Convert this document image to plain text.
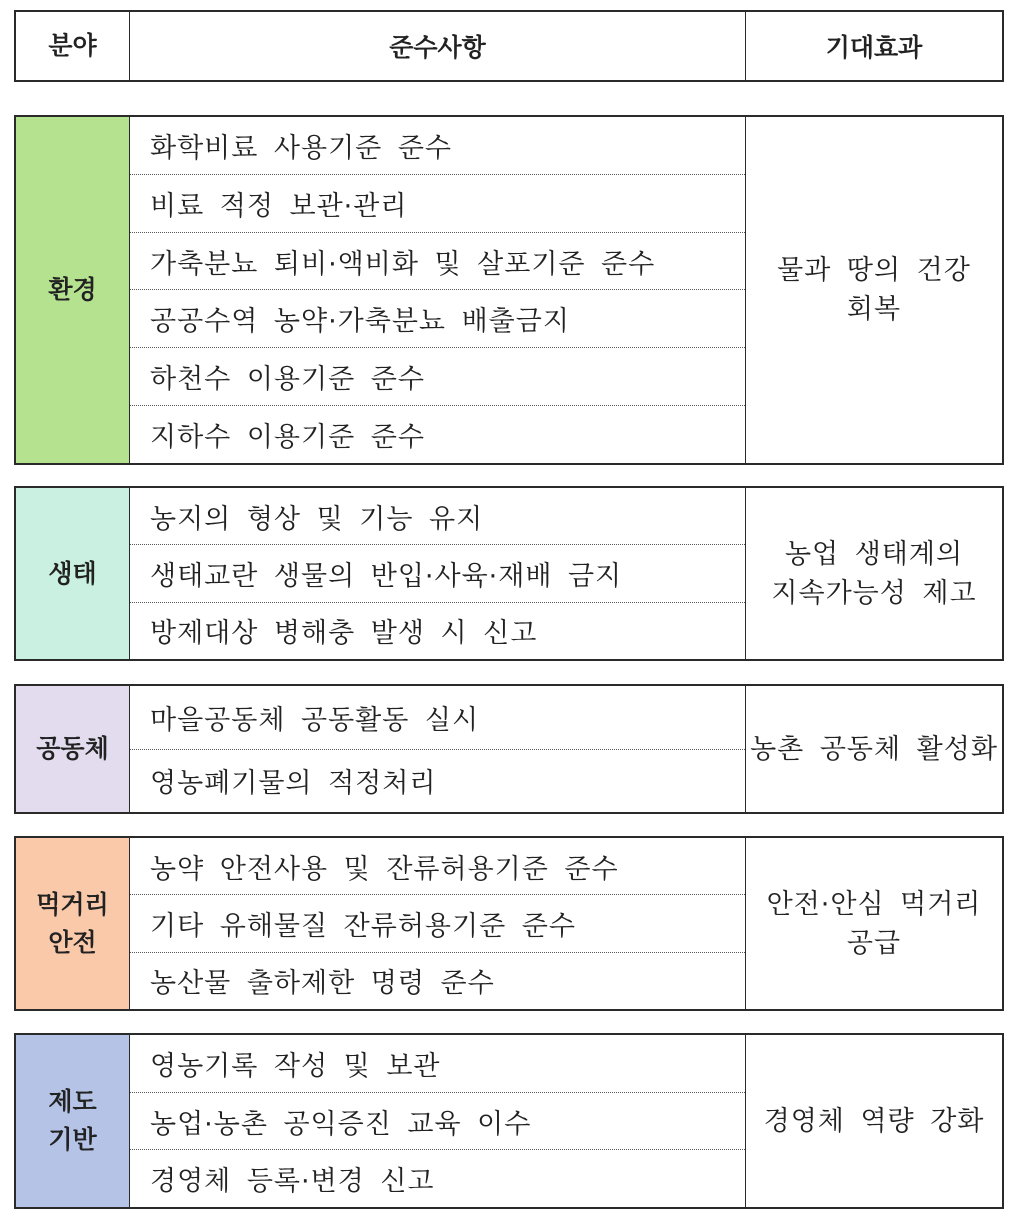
분야	준수사항	기대효과
환경
화학비료 사용기준 준수
비료 적정 보관·관리
가축분뇨 퇴비·액비화 및 살포기준 준수
공공수역 농약·가축분뇨 배출금지
하천수 이용기준 준수
지하수 이용기준 준수
물과 땅의 건강
회복
생태
농지의 형상 및 기능 유지
생태교란 생물의 반입·사육·재배 금지
방제대상 병해충 발생 시 신고
농업 생태계의
지속가능성 제고
공동체
마을공동체 공동활동 실시
영농폐기물의 적정처리
농촌 공동체 활성화
먹거리
안전
농약 안전사용 및 잔류허용기준 준수
기타 유해물질 잔류허용기준 준수
농산물 출하제한 명령 준수
안전·안심 먹거리
공급
제도
기반
영농기록 작성 및 보관
농업·농촌 공익증진 교육 이수
경영체 등록·변경 신고
경영체 역량 강화
